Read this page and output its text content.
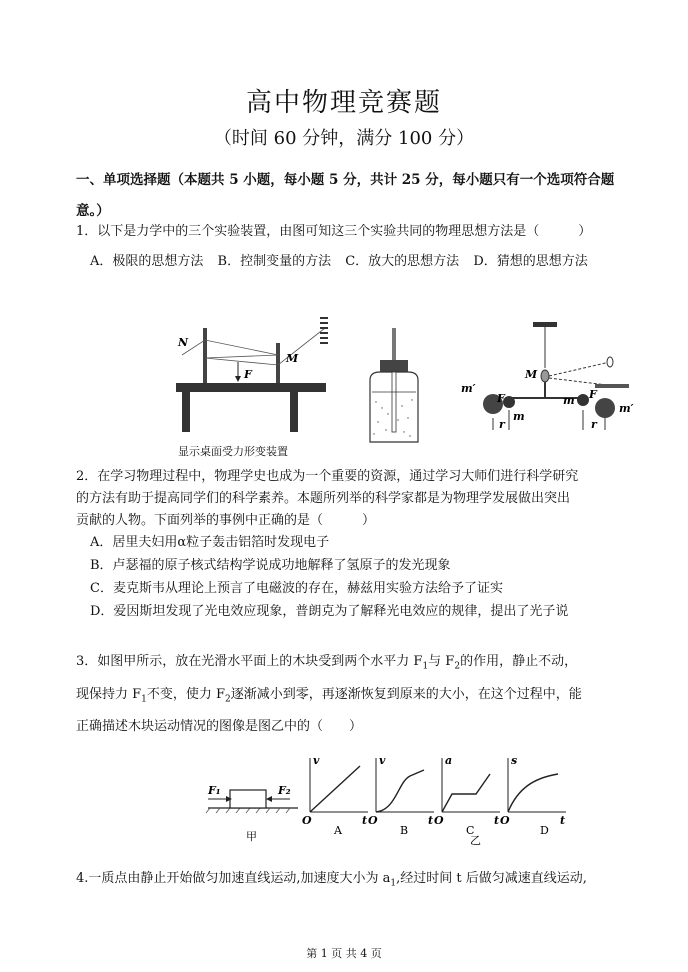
高中物理竞赛题
（时间 60 分钟，满分 100 分）
一、单项选择题（本题共 5 小题，每小题 5 分，共计 25 分，每小题只有一个选项符合题
意。）
1．以下是力学中的三个实验装置，由图可知这三个实验共同的物理思想方法是（　　　）
A．极限的思想方法 B．控制变量的方法 C．放大的思想方法 D．猜想的思想方法
N
M
F
显示桌面受力形变装置
M
m′
m′
m
m
F	F
r	r
2．在学习物理过程中，物理学史也成为一个重要的资源，通过学习大师们进行科学研究
的方法有助于提高同学们的科学素养。本题所列举的科学家都是为物理学发展做出突出
贡献的人物。下面列举的事例中正确的是（　　　）
A．居里夫妇用α粒子轰击铝箔时发现电子
B．卢瑟福的原子核式结构学说成功地解释了氢原子的发光现象
C．麦克斯韦从理论上预言了电磁波的存在，赫兹用实验方法给予了证实
D．爱因斯坦发现了光电效应现象，普朗克为了解释光电效应的规律，提出了光子说
3．如图甲所示，放在光滑水平面上的木块受到两个水平力 $F_1$与 $F_2$的作用，静止不动，
现保持力 $F_1$不变，使力 $F_2$逐渐减小到零，再逐渐恢复到原来的大小，在这个过程中，能
正确描述木块运动情况的图像是图乙中的（　　）
F₁	F₂
甲
v
O	t
A
v
O	t
B
a
O	t
C
s
O	t
D
乙
4.一质点由静止开始做匀加速直线运动,加速度大小为 $a_1$,经过时间 t 后做匀减速直线运动,
第 1 页 共 4 页
